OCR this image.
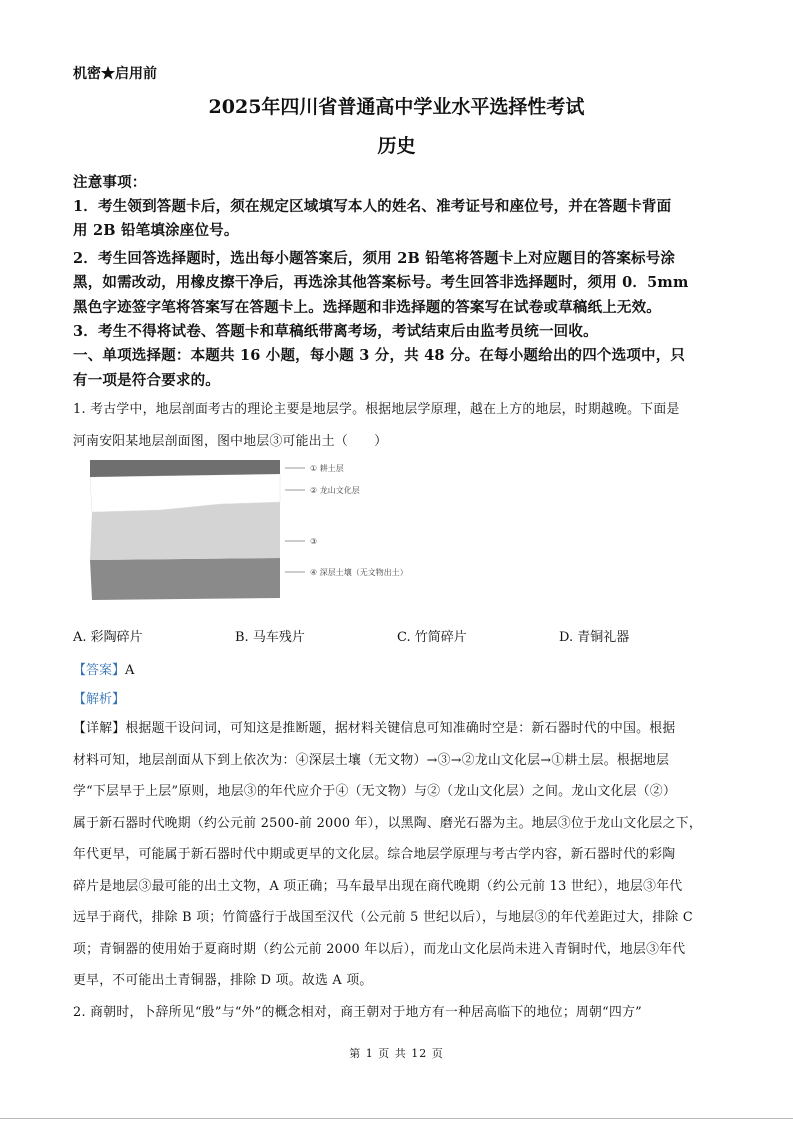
机密★启用前
2025年四川省普通高中学业水平选择性考试
历史
注意事项：
1．考生领到答题卡后，须在规定区域填写本人的姓名、准考证号和座位号，并在答题卡背面
用 2B 铅笔填涂座位号。
2．考生回答选择题时，选出每小题答案后，须用 2B 铅笔将答题卡上对应题目的答案标号涂
黑，如需改动，用橡皮擦干净后，再选涂其他答案标号。考生回答非选择题时，须用 0．5mm
黑色字迹签字笔将答案写在答题卡上。选择题和非选择题的答案写在试卷或草稿纸上无效。
3．考生不得将试卷、答题卡和草稿纸带离考场，考试结束后由监考员统一回收。
一、单项选择题：本题共 16 小题，每小题 3 分，共 48 分。在每小题给出的四个选项中，只
有一项是符合要求的。
1. 考古学中，地层剖面考古的理论主要是地层学。根据地层学原理，越在上方的地层，时期越晚。下面是
河南安阳某地层剖面图，图中地层③可能出土（　　）
① 耕土层
② 龙山文化层
③
④ 深层土壤（无文物出土）
A. 彩陶碎片	B. 马车残片	C. 竹简碎片	D. 青铜礼器
【答案】A
【解析】
【详解】根据题干设问词，可知这是推断题，据材料关键信息可知准确时空是：新石器时代的中国。根据
材料可知，地层剖面从下到上依次为：④深层土壤（无文物）→③→②龙山文化层→①耕土层。根据地层
学“下层早于上层”原则，地层③的年代应介于④（无文物）与②（龙山文化层）之间。龙山文化层（②）
属于新石器时代晚期（约公元前 2500-前 2000 年），以黑陶、磨光石器为主。地层③位于龙山文化层之下，
年代更早，可能属于新石器时代中期或更早的文化层。综合地层学原理与考古学内容，新石器时代的彩陶
碎片是地层③最可能的出土文物，A 项正确；马车最早出现在商代晚期（约公元前 13 世纪），地层③年代
远早于商代，排除 B 项；竹简盛行于战国至汉代（公元前 5 世纪以后），与地层③的年代差距过大，排除 C
项；青铜器的使用始于夏商时期（约公元前 2000 年以后），而龙山文化层尚未进入青铜时代，地层③年代
更早，不可能出土青铜器，排除 D 项。故选 A 项。
2. 商朝时，卜辞所见“殷”与“外”的概念相对，商王朝对于地方有一种居高临下的地位；周朝“四方”
第 1 页 共 12 页
